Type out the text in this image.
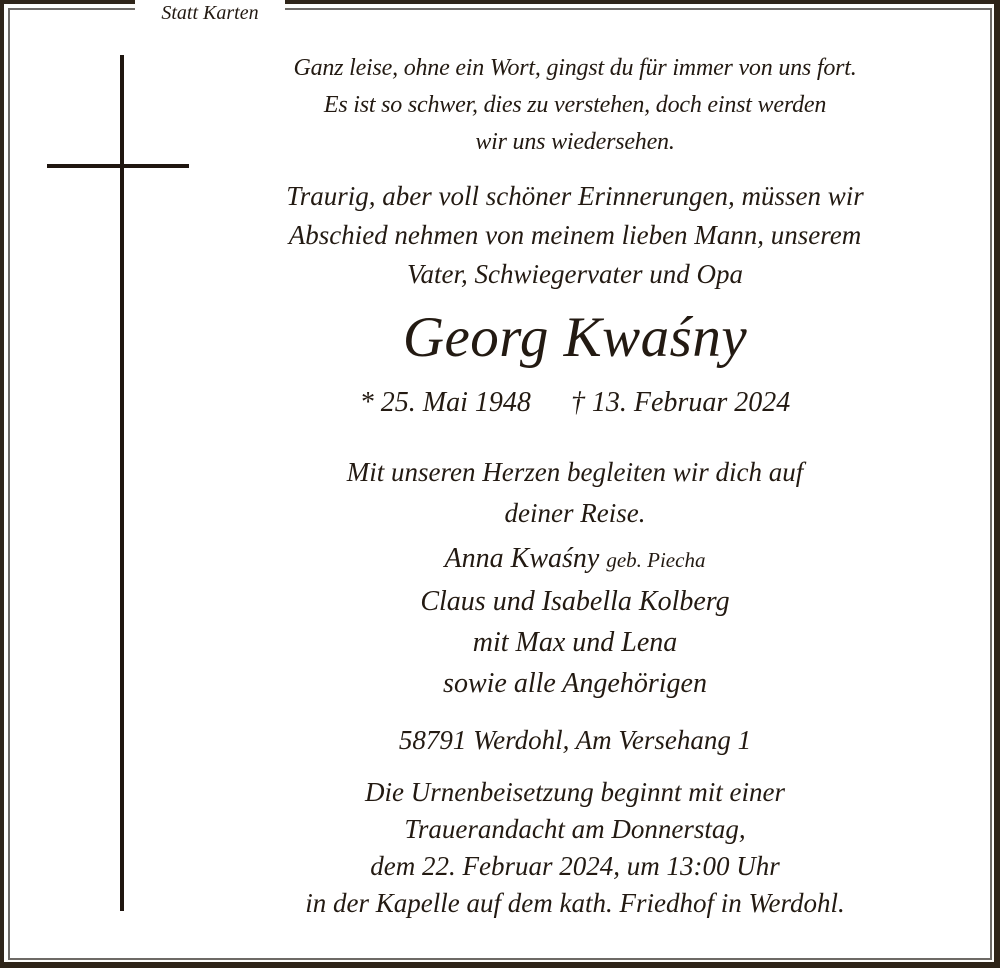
Statt Karten
Ganz leise, ohne ein Wort, gingst du für immer von uns fort.
Es ist so schwer, dies zu verstehen, doch einst werden
wir uns wiedersehen.
Traurig, aber voll schöner Erinnerungen, müssen wir
Abschied nehmen von meinem lieben Mann, unserem
Vater, Schwiegervater und Opa
Georg Kwaśny
* 25. Mai 1948 † 13. Februar 2024
Mit unseren Herzen begleiten wir dich auf
deiner Reise.
Anna Kwaśny geb. Piecha
Claus und Isabella Kolberg
mit Max und Lena
sowie alle Angehörigen
58791 Werdohl, Am Versehang 1
Die Urnenbeisetzung beginnt mit einer
Trauerandacht am Donnerstag,
dem 22. Februar 2024, um 13:00 Uhr
in der Kapelle auf dem kath. Friedhof in Werdohl.
